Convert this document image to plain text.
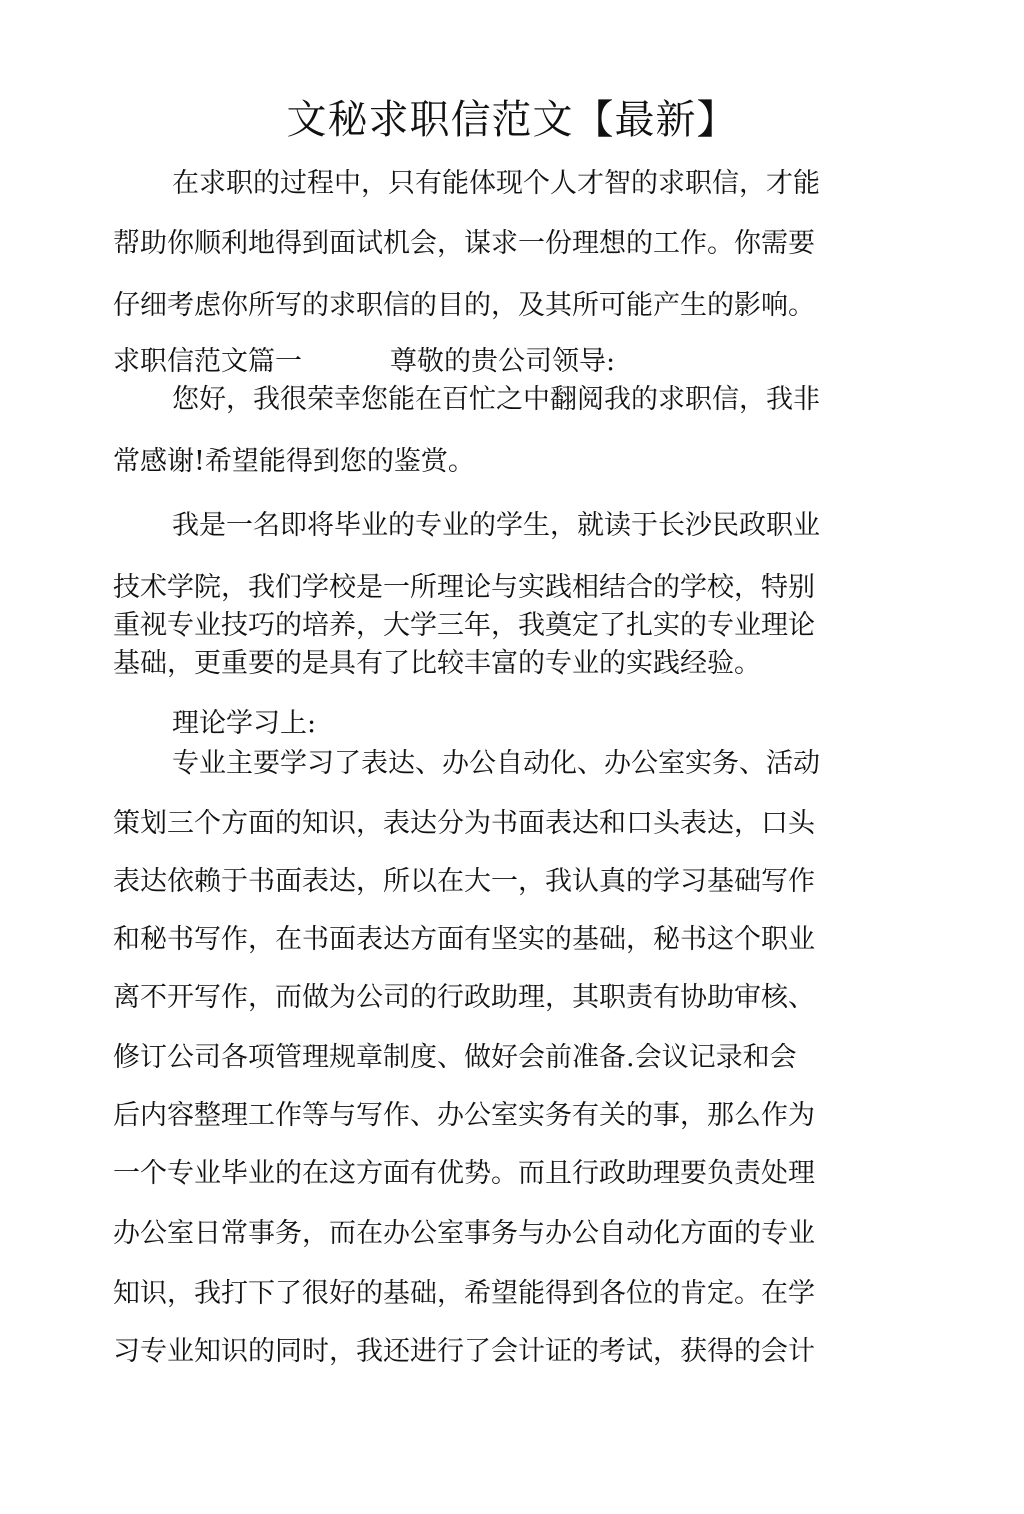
文秘求职信范文【最新】
在求职的过程中，只有能体现个人才智的求职信，才能
帮助你顺利地得到面试机会，谋求一份理想的工作。你需要
仔细考虑你所写的求职信的目的，及其所可能产生的影响。
求职信范文篇一	尊敬的贵公司领导:
您好，我很荣幸您能在百忙之中翻阅我的求职信，我非
常感谢!希望能得到您的鉴赏。
我是一名即将毕业的专业的学生，就读于长沙民政职业
技术学院，我们学校是一所理论与实践相结合的学校，特别
重视专业技巧的培养，大学三年，我奠定了扎实的专业理论
基础，更重要的是具有了比较丰富的专业的实践经验。
理论学习上:
专业主要学习了表达、办公自动化、办公室实务、活动
策划三个方面的知识，表达分为书面表达和口头表达，口头
表达依赖于书面表达，所以在大一，我认真的学习基础写作
和秘书写作，在书面表达方面有坚实的基础，秘书这个职业
离不开写作，而做为公司的行政助理，其职责有协助审核、
修订公司各项管理规章制度、做好会前准备.会议记录和会
后内容整理工作等与写作、办公室实务有关的事，那么作为
一个专业毕业的在这方面有优势。而且行政助理要负责处理
办公室日常事务，而在办公室事务与办公自动化方面的专业
知识，我打下了很好的基础，希望能得到各位的肯定。在学
习专业知识的同时，我还进行了会计证的考试，获得的会计
